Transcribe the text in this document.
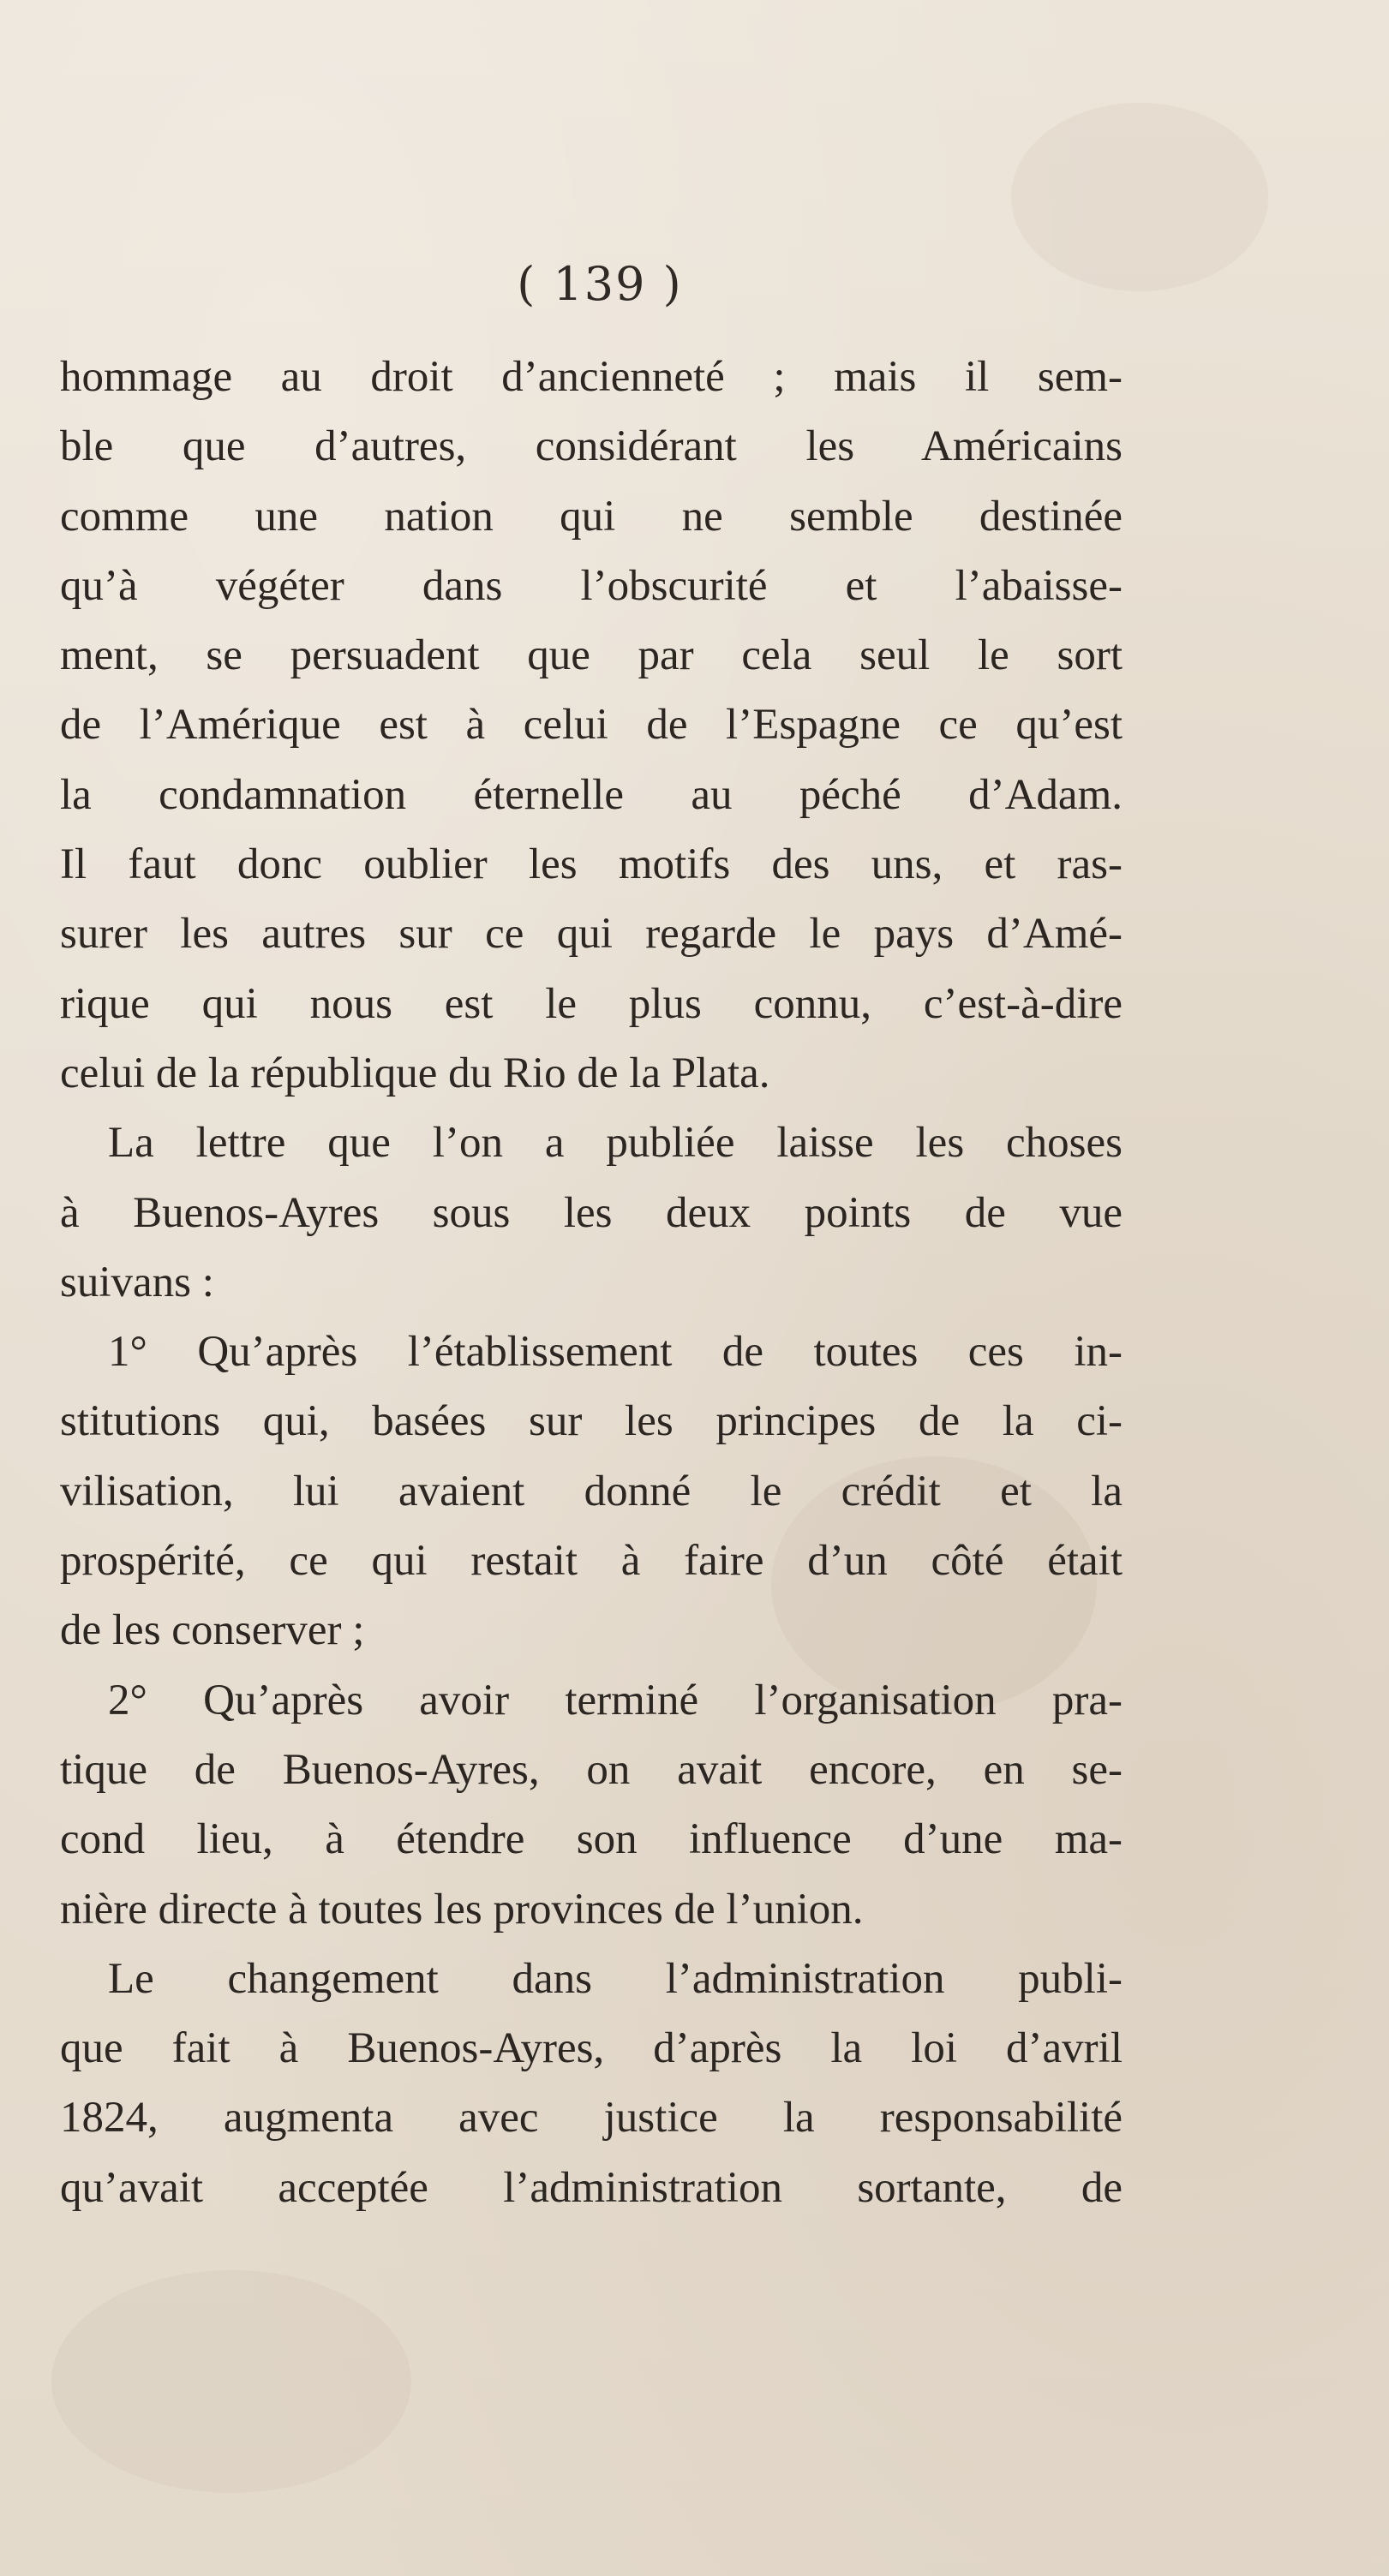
( 139 )

hommage au droit d’ancienneté ; mais il sem-
ble que d’autres, considérant les Américains
comme une nation qui ne semble destinée
qu’à végéter dans l’obscurité et l’abaisse-
ment, se persuadent que par cela seul le sort
de l’Amérique est à celui de l’Espagne ce qu’est
la condamnation éternelle au péché d’Adam.
Il faut donc oublier les motifs des uns, et ras-
surer les autres sur ce qui regarde le pays d’Amé-
rique qui nous est le plus connu, c’est-à-dire
celui de la république du Rio de la Plata.
La lettre que l’on a publiée laisse les choses
à Buenos-Ayres sous les deux points de vue
suivans :
1° Qu’après l’établissement de toutes ces in-
stitutions qui, basées sur les principes de la ci-
vilisation, lui avaient donné le crédit et la
prospérité, ce qui restait à faire d’un côté était
de les conserver ;
2° Qu’après avoir terminé l’organisation pra-
tique de Buenos-Ayres, on avait encore, en se-
cond lieu, à étendre son influence d’une ma-
nière directe à toutes les provinces de l’union.
Le changement dans l’administration publi-
que fait à Buenos-Ayres, d’après la loi d’avril
1824, augmenta avec justice la responsabilité
qu’avait acceptée l’administration sortante, de
